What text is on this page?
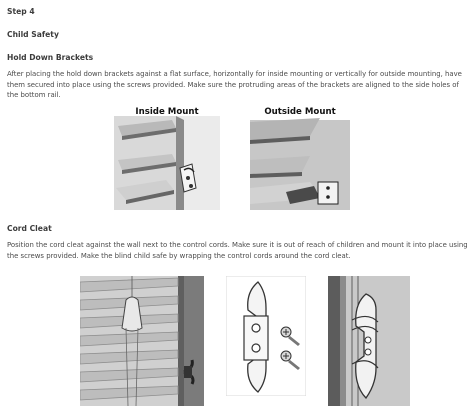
Step 4
Child Safety
Hold Down Brackets
After placing the hold down brackets against a flat surface, horizontally for inside mounting or vertically for outside mounting, have them secured into place using the screws provided. Make sure the protruding areas of the brackets are aligned to the side holes of the bottom rail.
Inside Mount	Outside Mount
Cord Cleat
Position the cord cleat against the wall next to the control cords. Make sure it is out of reach of children and mount it into place using the screws provided. Make the blind child safe by wrapping the control cords around the cord cleat.
